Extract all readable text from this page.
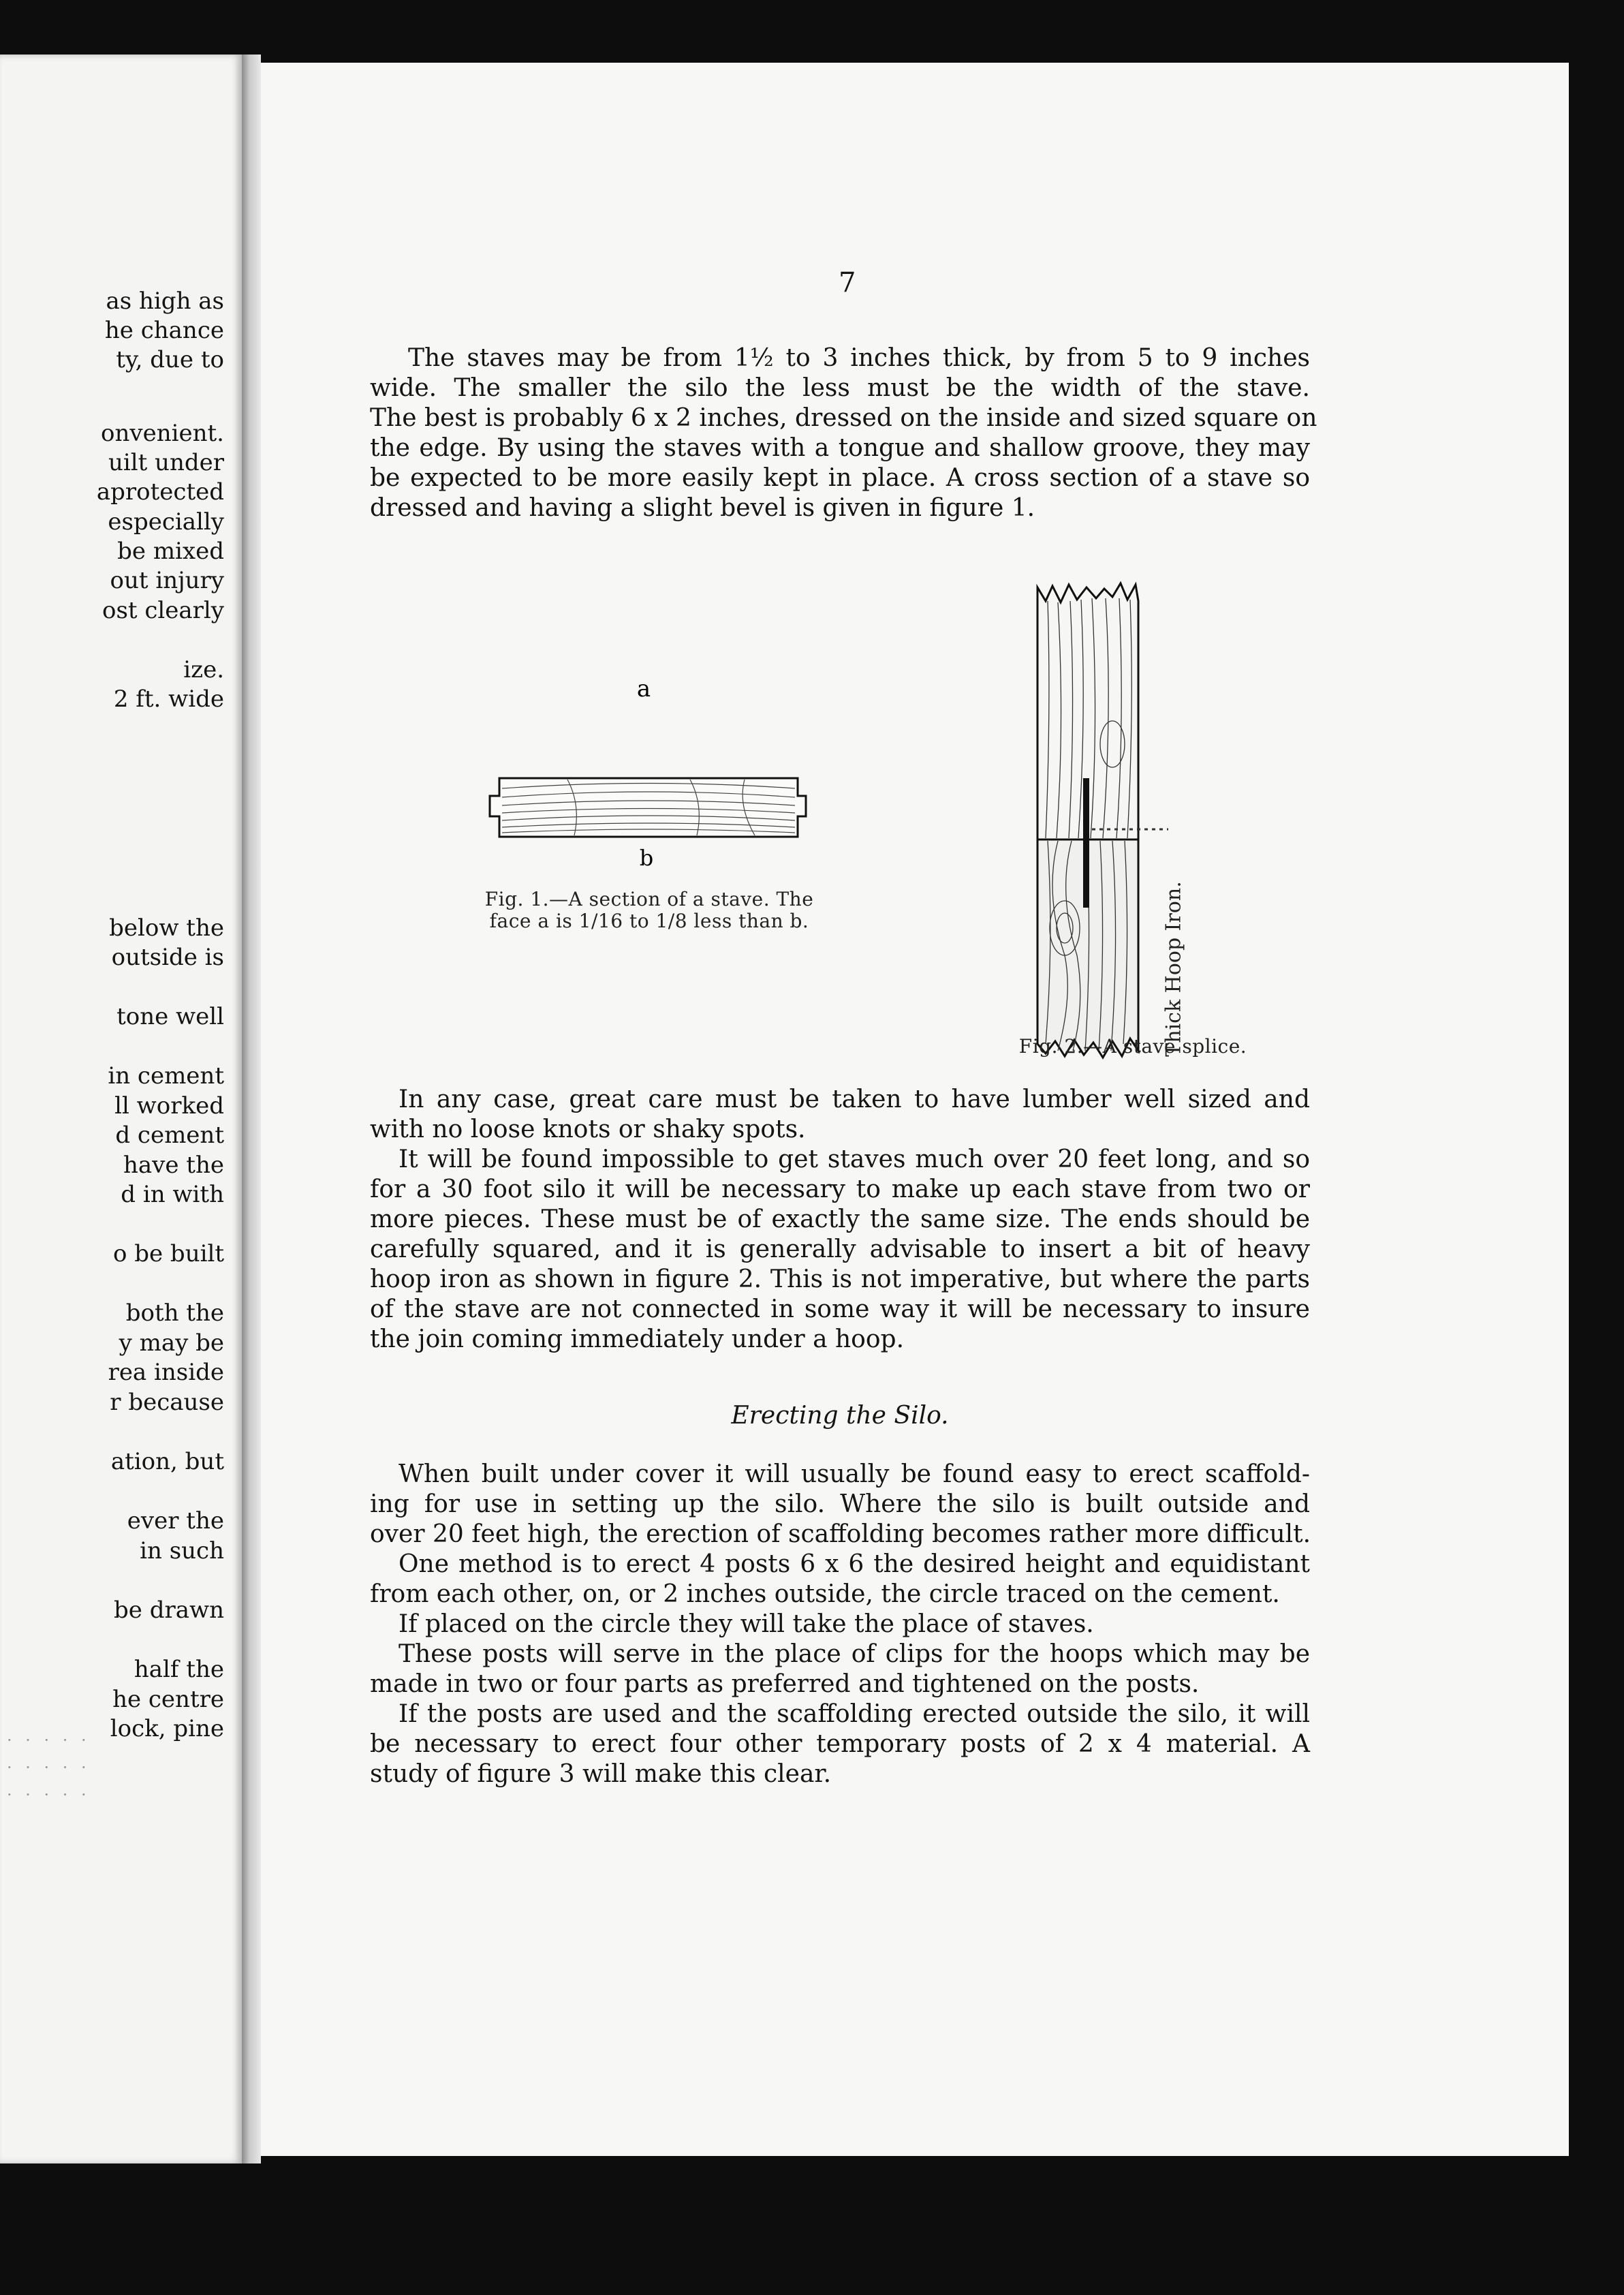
as high as
he chance
ty, due to
onvenient.
uilt under
aprotected
especially
be mixed
out injury
ost clearly
ize.
2 ft. wide
below the
outside is
tone well
in cement
ll worked
d cement
have the
d in with
o be built
both the
y may be
rea inside
r because
ation, but
ever the
in such
be drawn
half the
he centre
lock, pine
· · · · ·
· · · · ·
· · · · ·
7
The staves may be from 1½ to 3 inches thick, by from 5 to 9 inches
wide. The smaller the silo the less must be the width of the stave.
The best is probably 6 x 2 inches, dressed on the inside and sized square on
the edge. By using the staves with a tongue and shallow groove, they may
be expected to be more easily kept in place. A cross section of a stave so
dressed and having a slight bevel is given in figure 1.
a
b
Fig. 1.—A section of a stave. The
face a is 1/16 to 1/8 less than b.	Thick Hoop Iron.
Fig. 2.—A stave splice.
In any case, great care must be taken to have lumber well sized and
with no loose knots or shaky spots.
It will be found impossible to get staves much over 20 feet long, and so
for a 30 foot silo it will be necessary to make up each stave from two or
more pieces. These must be of exactly the same size. The ends should be
carefully squared, and it is generally advisable to insert a bit of heavy
hoop iron as shown in figure 2. This is not imperative, but where the parts
of the stave are not connected in some way it will be necessary to insure
the join coming immediately under a hoop.
Erecting the Silo.
When built under cover it will usually be found easy to erect scaffold-
ing for use in setting up the silo. Where the silo is built outside and
over 20 feet high, the erection of scaffolding becomes rather more difficult.
One method is to erect 4 posts 6 x 6 the desired height and equidistant
from each other, on, or 2 inches outside, the circle traced on the cement.
If placed on the circle they will take the place of staves.
These posts will serve in the place of clips for the hoops which may be
made in two or four parts as preferred and tightened on the posts.
If the posts are used and the scaffolding erected outside the silo, it will
be necessary to erect four other temporary posts of 2 x 4 material. A
study of figure 3 will make this clear.
